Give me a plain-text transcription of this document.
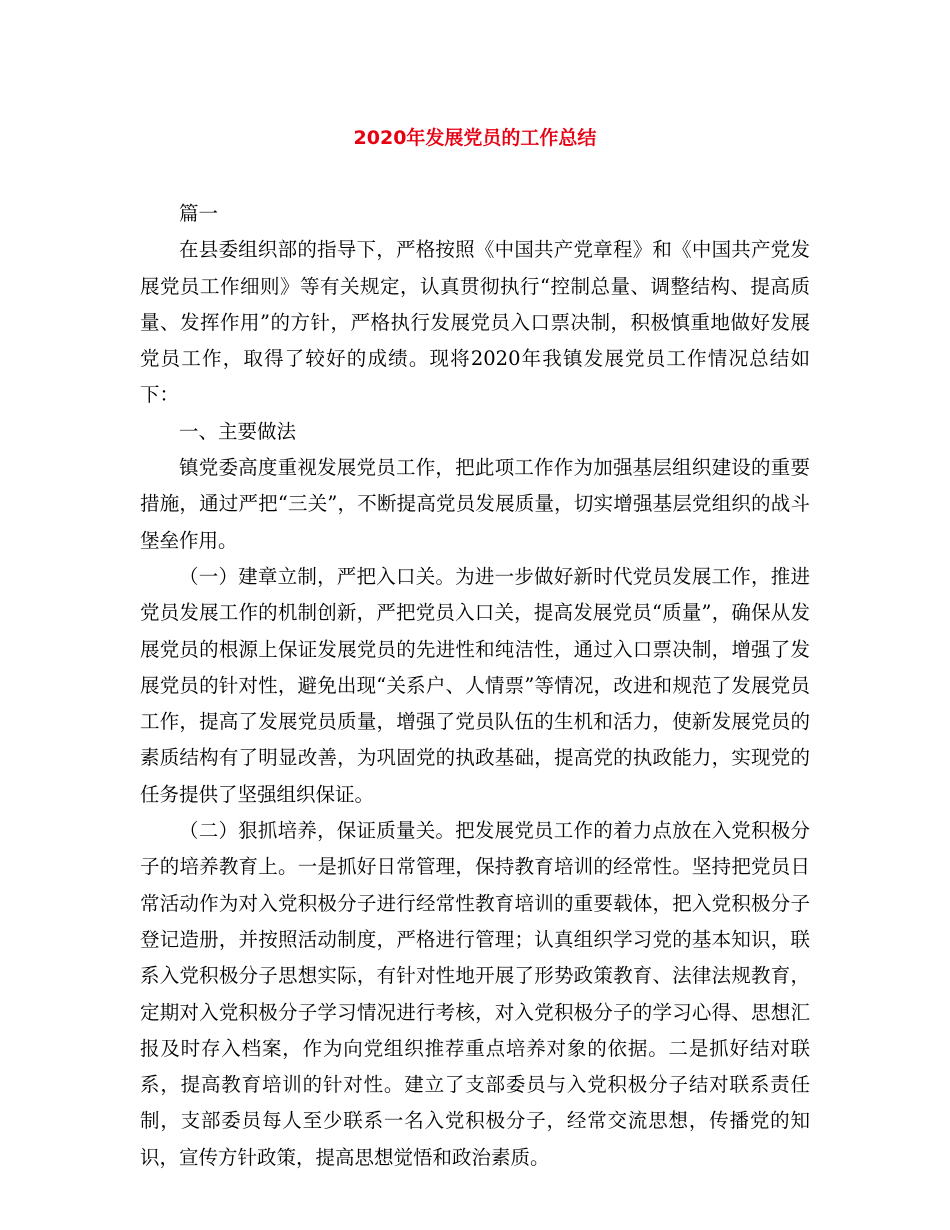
2020年发展党员的工作总结

篇一

在县委组织部的指导下，严格按照《中国共产党章程》和《中国共产党发展党员工作细则》等有关规定，认真贯彻执行“控制总量、调整结构、提高质量、发挥作用”的方针，严格执行发展党员入口票决制，积极慎重地做好发展党员工作，取得了较好的成绩。现将2020年我镇发展党员工作情况总结如下：

一、主要做法

镇党委高度重视发展党员工作，把此项工作作为加强基层组织建设的重要措施，通过严把“三关”，不断提高党员发展质量，切实增强基层党组织的战斗堡垒作用。

（一）建章立制，严把入口关。为进一步做好新时代党员发展工作，推进党员发展工作的机制创新，严把党员入口关，提高发展党员“质量”，确保从发展党员的根源上保证发展党员的先进性和纯洁性，通过入口票决制，增强了发展党员的针对性，避免出现“关系户、人情票”等情况，改进和规范了发展党员工作，提高了发展党员质量，增强了党员队伍的生机和活力，使新发展党员的素质结构有了明显改善，为巩固党的执政基础，提高党的执政能力，实现党的任务提供了坚强组织保证。

（二）狠抓培养，保证质量关。把发展党员工作的着力点放在入党积极分子的培养教育上。一是抓好日常管理，保持教育培训的经常性。坚持把党员日常活动作为对入党积极分子进行经常性教育培训的重要载体，把入党积极分子登记造册，并按照活动制度，严格进行管理；认真组织学习党的基本知识，联系入党积极分子思想实际，有针对性地开展了形势政策教育、法律法规教育，定期对入党积极分子学习情况进行考核，对入党积极分子的学习心得、思想汇报及时存入档案，作为向党组织推荐重点培养对象的依据。二是抓好结对联系，提高教育培训的针对性。建立了支部委员与入党积极分子结对联系责任制，支部委员每人至少联系一名入党积极分子，经常交流思想，传播党的知识，宣传方针政策，提高思想觉悟和政治素质。
